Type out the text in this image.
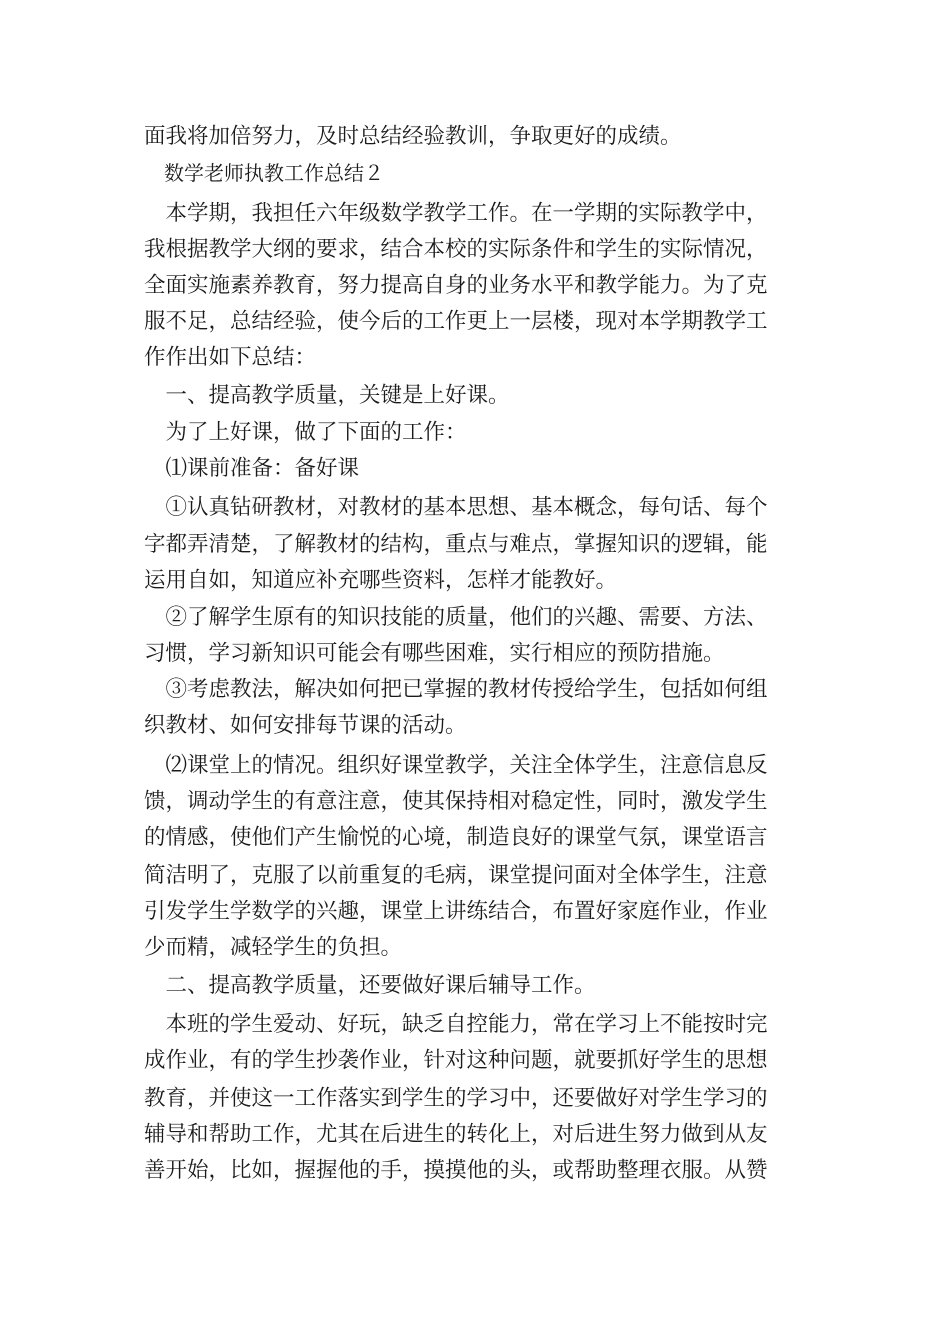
面我将加倍努力，及时总结经验教训，争取更好的成绩。
　数学老师执教工作总结２
　本学期，我担任六年级数学教学工作。在一学期的实际教学中，
我根据教学大纲的要求，结合本校的实际条件和学生的实际情况，
全面实施素养教育，努力提高自身的业务水平和教学能力。为了克
服不足，总结经验，使今后的工作更上一层楼，现对本学期教学工
作作出如下总结：
　一、提高教学质量，关键是上好课。
　为了上好课，做了下面的工作：
　⑴课前准备：备好课
　①认真钻研教材，对教材的基本思想、基本概念，每句话、每个
字都弄清楚，了解教材的结构，重点与难点，掌握知识的逻辑，能
运用自如，知道应补充哪些资料，怎样才能教好。
　②了解学生原有的知识技能的质量，他们的兴趣、需要、方法、
习惯，学习新知识可能会有哪些困难，实行相应的预防措施。
　③考虑教法，解决如何把已掌握的教材传授给学生，包括如何组
织教材、如何安排每节课的活动。
　⑵课堂上的情况。组织好课堂教学，关注全体学生，注意信息反
馈，调动学生的有意注意，使其保持相对稳定性，同时，激发学生
的情感，使他们产生愉悦的心境，制造良好的课堂气氛，课堂语言
简洁明了，克服了以前重复的毛病，课堂提问面对全体学生，注意
引发学生学数学的兴趣，课堂上讲练结合，布置好家庭作业，作业
少而精，减轻学生的负担。
　二、提高教学质量，还要做好课后辅导工作。
　本班的学生爱动、好玩，缺乏自控能力，常在学习上不能按时完
成作业，有的学生抄袭作业，针对这种问题，就要抓好学生的思想
教育，并使这一工作落实到学生的学习中，还要做好对学生学习的
辅导和帮助工作，尤其在后进生的转化上，对后进生努力做到从友
善开始，比如，握握他的手，摸摸他的头，或帮助整理衣服。从赞
